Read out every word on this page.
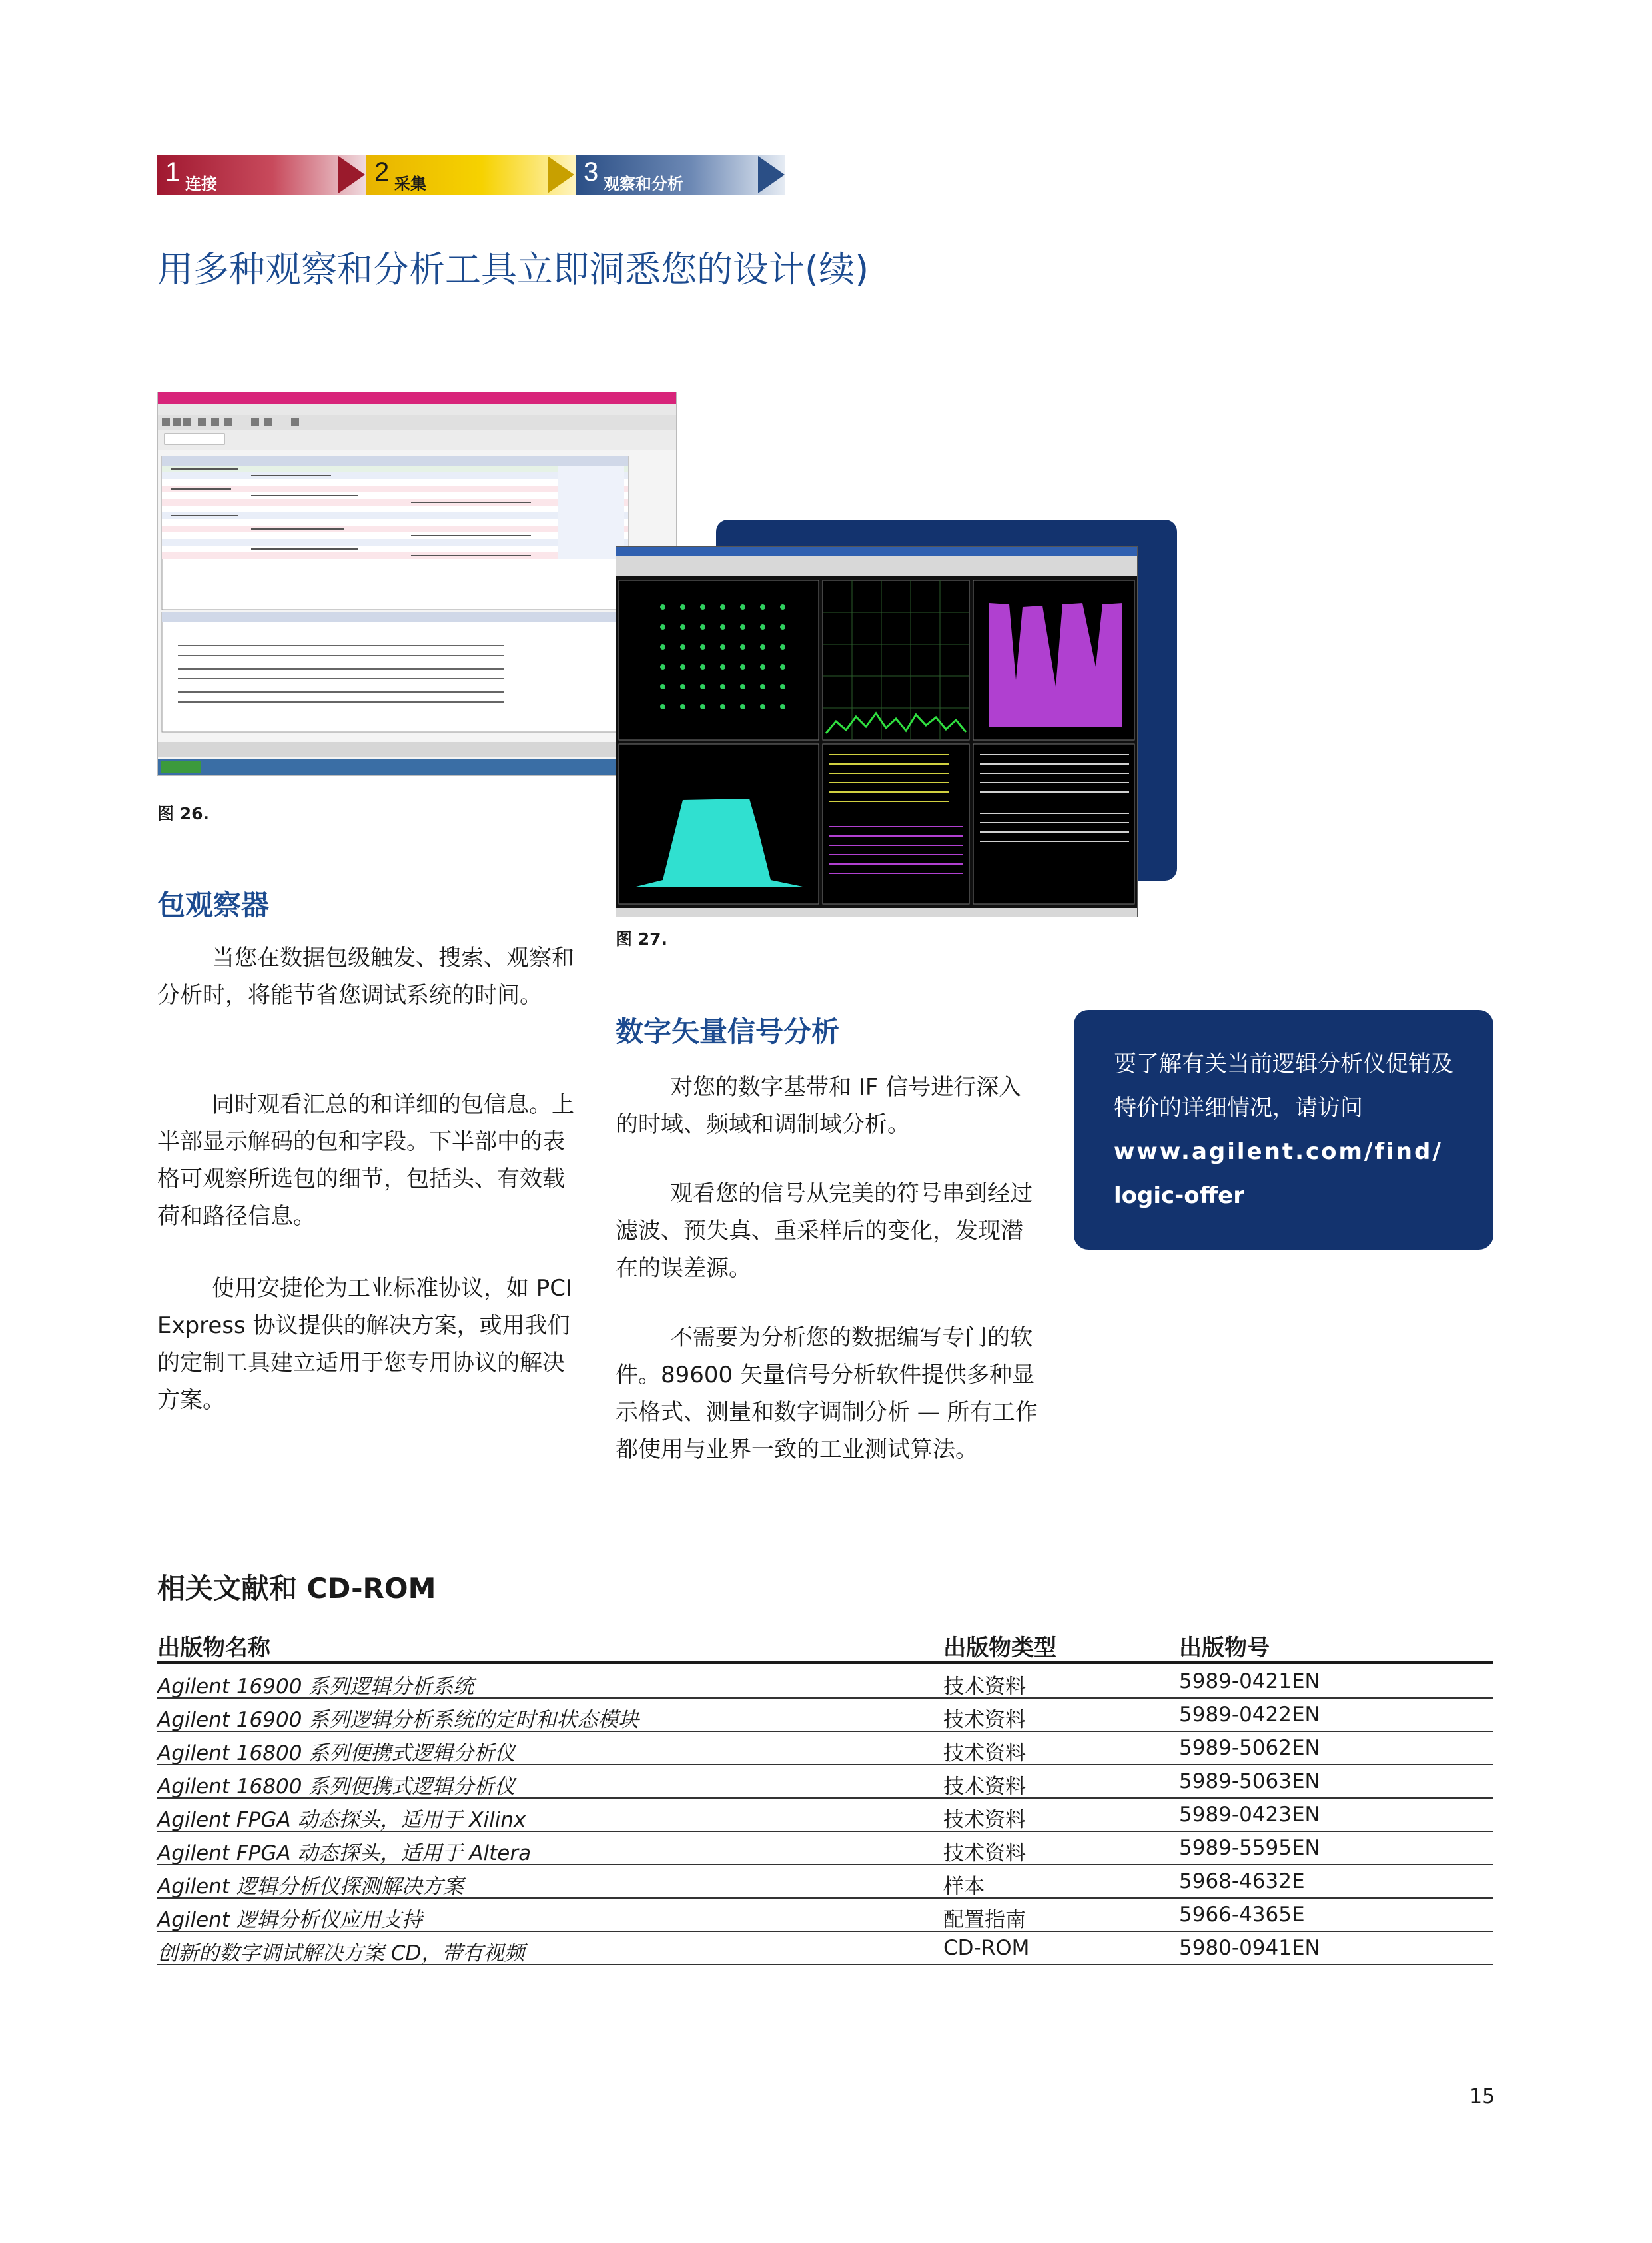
1 连接	2 采集	3 观察和分析
用多种观察和分析工具立即洞悉您的设计(续)
图 26.
图 27.
包观察器
当您在数据包级触发、搜索、观察和分析时，将能节省您调试系统的时间。
同时观看汇总的和详细的包信息。上半部显示解码的包和字段。下半部中的表格可观察所选包的细节，包括头、有效载荷和路径信息。
使用安捷伦为工业标准协议，如 PCI Express 协议提供的解决方案，或用我们的定制工具建立适用于您专用协议的解决方案。
数字矢量信号分析
对您的数字基带和 IF 信号进行深入的时域、频域和调制域分析。
观看您的信号从完美的符号串到经过滤波、预失真、重采样后的变化，发现潜在的误差源。
不需要为分析您的数据编写专门的软件。89600 矢量信号分析软件提供多种显示格式、测量和数字调制分析 — 所有工作都使用与业界一致的工业测试算法。
要了解有关当前逻辑分析仪促销及特价的详细情况，请访问
www.agilent.com/find/
logic-offer
相关文献和 CD-ROM
出版物名称	出版物类型	出版物号
Agilent 16900 系列逻辑分析系统	技术资料	5989-0421EN
Agilent 16900 系列逻辑分析系统的定时和状态模块	技术资料	5989-0422EN
Agilent 16800 系列便携式逻辑分析仪	技术资料	5989-5062EN
Agilent 16800 系列便携式逻辑分析仪	技术资料	5989-5063EN
Agilent FPGA 动态探头，适用于 Xilinx	技术资料	5989-0423EN
Agilent FPGA 动态探头，适用于 Altera	技术资料	5989-5595EN
Agilent 逻辑分析仪探测解决方案	样本	5968-4632E
Agilent 逻辑分析仪应用支持	配置指南	5966-4365E
创新的数字调试解决方案 CD，带有视频	CD-ROM	5980-0941EN
15
